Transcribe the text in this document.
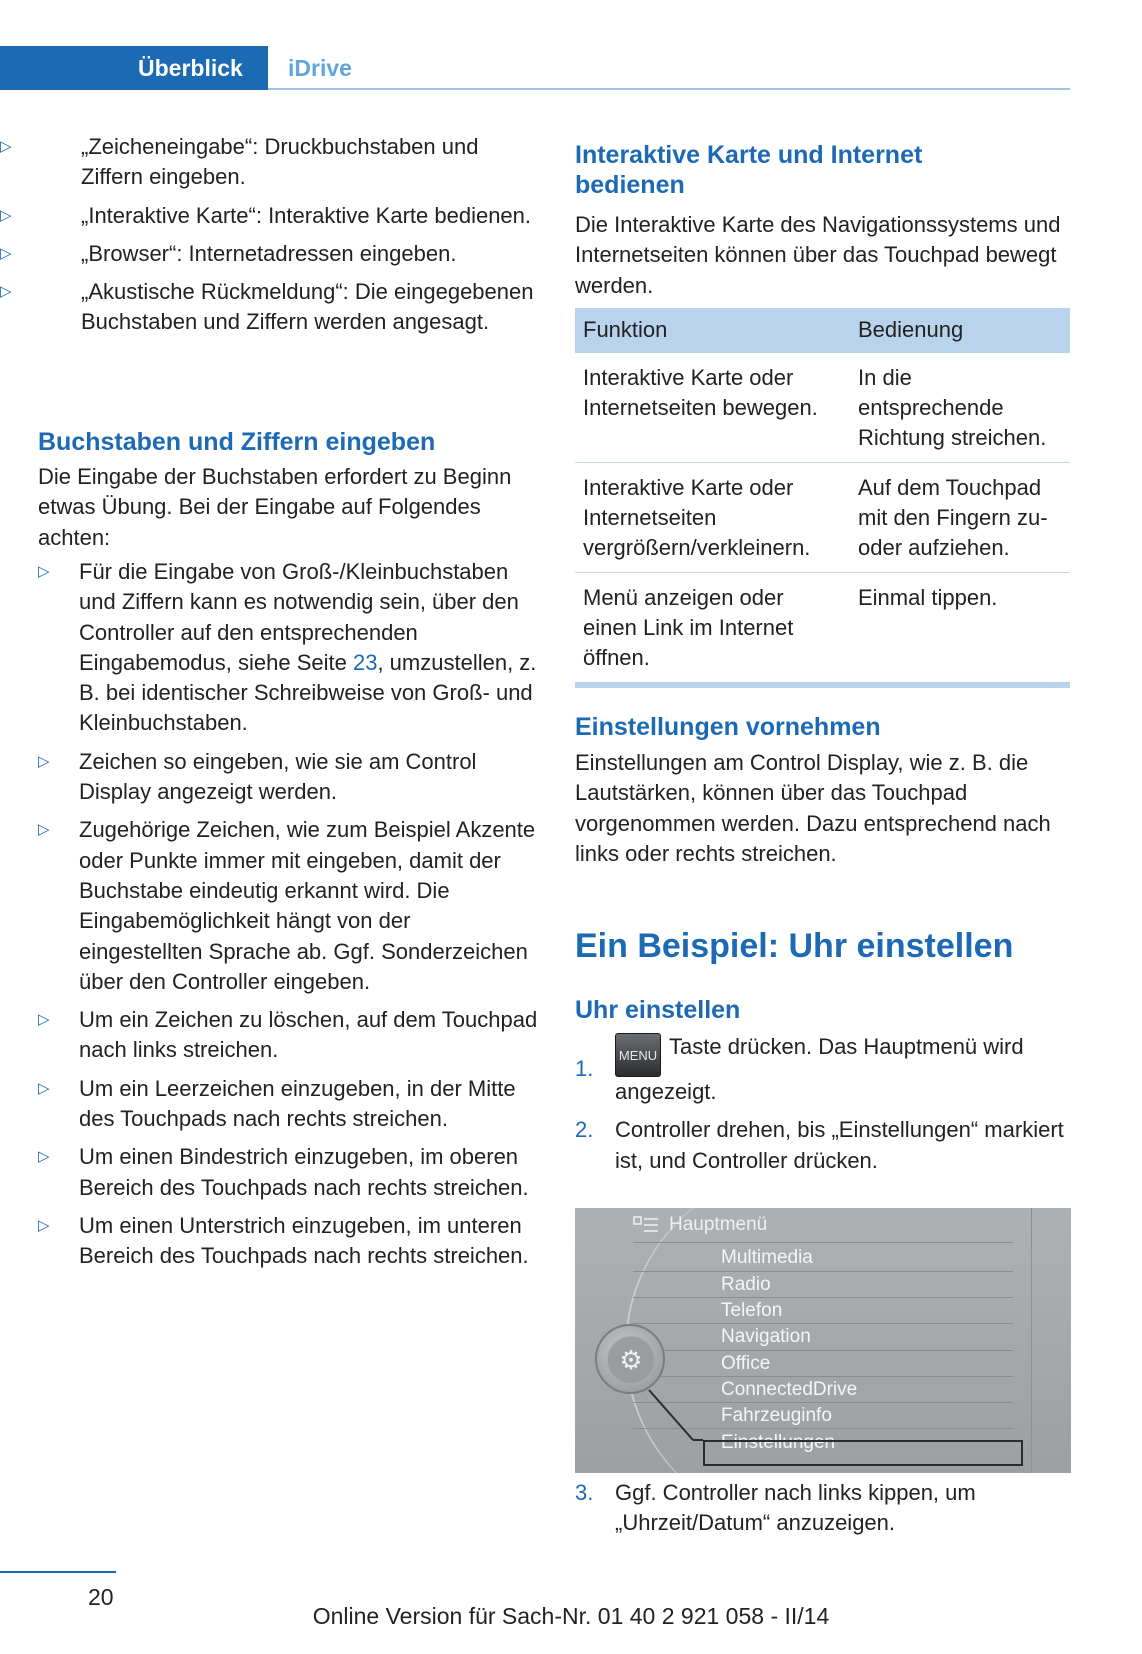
Überblick	iDrive
▷	„Zeicheneingabe“: Druckbuchstaben und Ziffern eingeben.
▷	„Interaktive Karte“: Interaktive Karte bedienen.
▷	„Browser“: Internetadressen eingeben.
▷	„Akustische Rückmeldung“: Die eingegebenen Buchstaben und Ziffern werden angesagt.
Buchstaben und Ziffern eingeben

Die Eingabe der Buchstaben erfordert zu Beginn etwas Übung. Bei der Eingabe auf Folgendes achten:

▷ Für die Eingabe von Groß-/Kleinbuchstaben und Ziffern kann es notwendig sein, über den Controller auf den entsprechenden Eingabemodus, siehe Seite 23, umzustellen, z. B. bei identischer Schreibweise von Groß- und Kleinbuchstaben.
▷ Zeichen so eingeben, wie sie am Control Display angezeigt werden.
▷ Zugehörige Zeichen, wie zum Beispiel Akzente oder Punkte immer mit eingeben, damit der Buchstabe eindeutig erkannt wird. Die Eingabemöglichkeit hängt von der eingestellten Sprache ab. Ggf. Sonderzeichen über den Controller eingeben.
▷ Um ein Zeichen zu löschen, auf dem Touchpad nach links streichen.
▷ Um ein Leerzeichen einzugeben, in der Mitte des Touchpads nach rechts streichen.
▷ Um einen Bindestrich einzugeben, im oberen Bereich des Touchpads nach rechts streichen.
▷ Um einen Unterstrich einzugeben, im unteren Bereich des Touchpads nach rechts streichen.
Interaktive Karte und Internet bedienen

Die Interaktive Karte des Navigationssystems und Internetseiten können über das Touchpad bewegt werden.

Funktion	Bedienung
Interaktive Karte oder Internetseiten bewegen.	In die entsprechende Richtung streichen.
Interaktive Karte oder Internetseiten vergrößern/verkleinern.	Auf dem Touchpad mit den Fingern zu- oder aufziehen.
Menü anzeigen oder einen Link im Internet öffnen.	Einmal tippen.
Einstellungen vornehmen

Einstellungen am Control Display, wie z. B. die Lautstärken, können über das Touchpad vorgenommen werden. Dazu entsprechend nach links oder rechts streichen.

Ein Beispiel: Uhr einstellen
Uhr einstellen
1.
MENU Taste drücken. Das Hauptmenü wird angezeigt.
2. Controller drehen, bis „Einstellungen“ markiert ist, und Controller drücken.
3. Ggf. Controller nach links kippen, um „Uhrzeit/Datum“ anzuzeigen.
Hauptmenü
Multimedia
Radio
Telefon
Navigation
Office
ConnectedDrive
Fahrzeuginfo
Einstellungen
⚙
20
Online Version für Sach-Nr. 01 40 2 921 058 - II/14
